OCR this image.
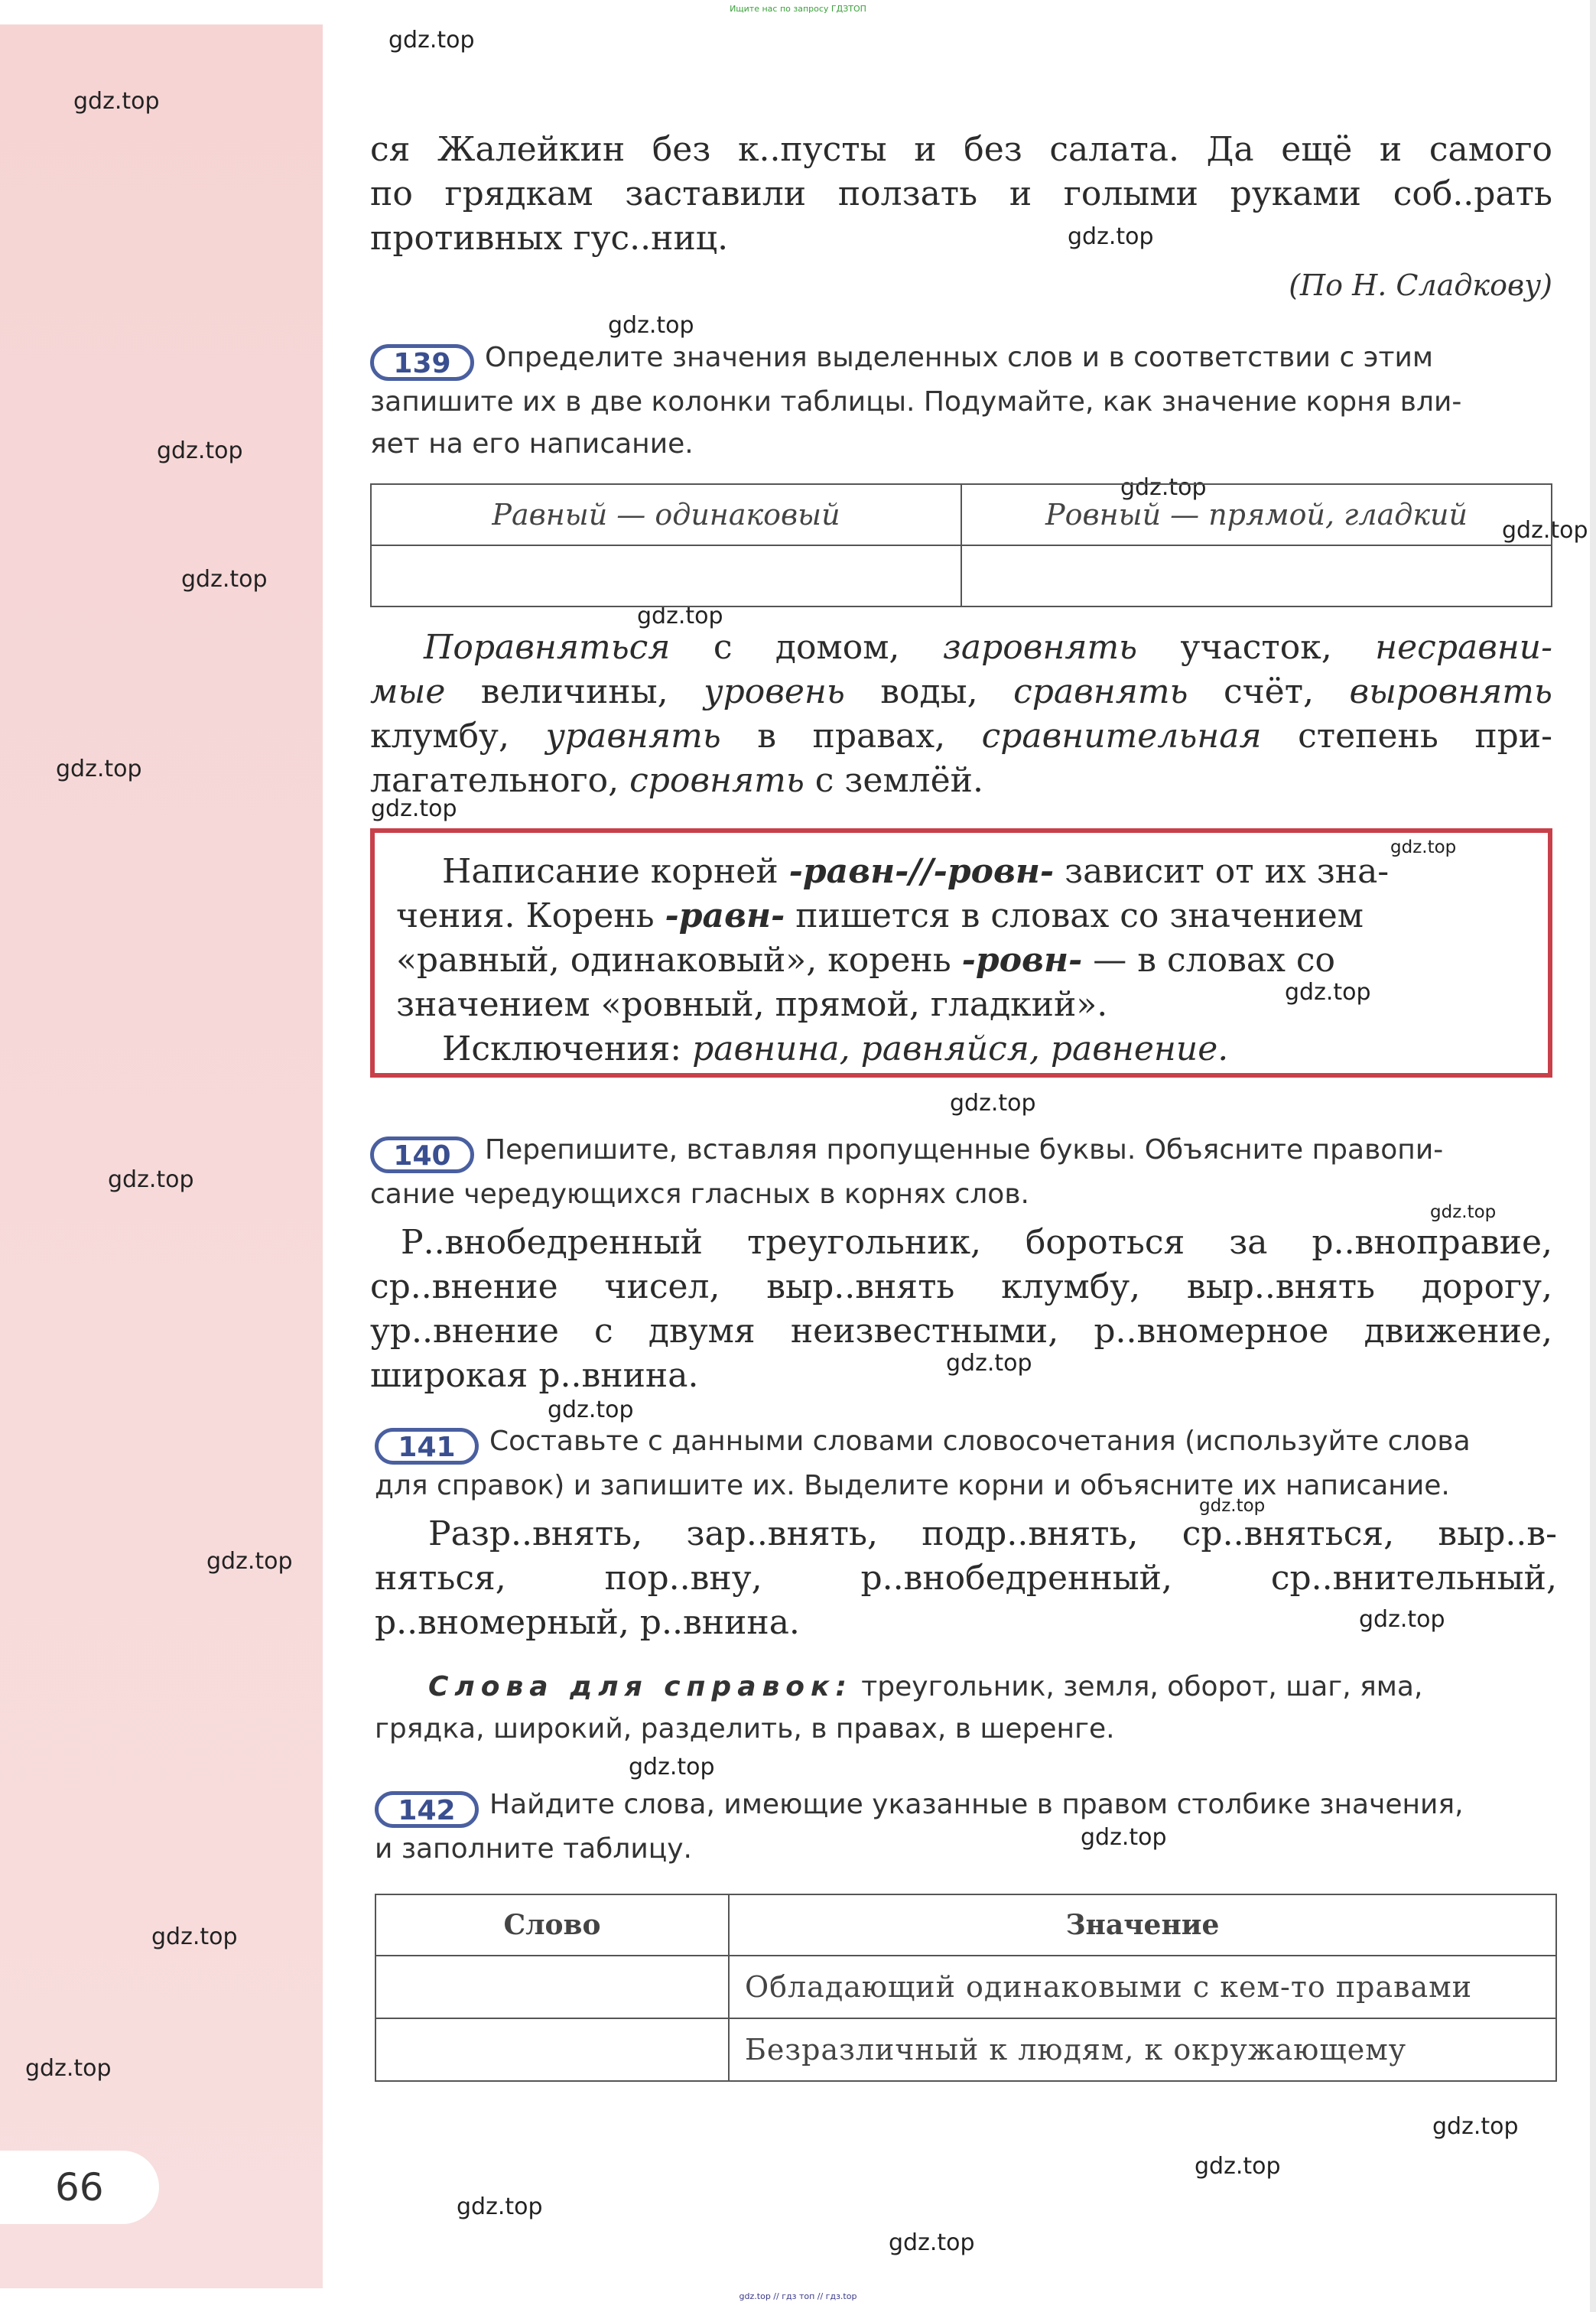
Ищите нас по запросу ГДЗТОП
gdz.top // гдз топ // гдз.top
66
gdz.top
gdz.top
gdz.top
gdz.top
gdz.top
gdz.top
gdz.top
gdz.top
gdz.top
gdz.top
gdz.top
gdz.top
gdz.top
gdz.top
gdz.top
gdz.top
gdz.top
gdz.top
gdz.top
gdz.top
gdz.top
gdz.top
gdz.top
gdz.top
gdz.top
gdz.top
gdz.top
gdz.top
gdz.top
ся Жалейкин без к..пусты и без салата. Да ещё и самого
по грядкам заставили ползать и голыми руками соб..рать
противных гус..ниц.
(По Н. Сладкову)
139 Определите значения выделенных слов и в соответствии с этим
запишите их в две колонки таблицы. Подумайте, как значение корня вли-
яет на его написание.
Равный — одинаковый	Ровный — прямой, гладкий

Поравняться с домом, заровнять участок, несравни-
мые величины, уровень воды, сравнять счёт, выровнять
клумбу, уравнять в правах, сравнительная степень при-
лагательного, сровнять с землёй.

Написание корней -равн-//-ровн- зависит от их зна-
чения. Корень -равн- пишется в словах со значением
«равный, одинаковый», корень -ровн- — в словах со
значением «ровный, прямой, гладкий».

Исключения: равнина, равняйся, равнение.

140 Перепишите, вставляя пропущенные буквы. Объясните правопи-
сание чередующихся гласных в корнях слов.
Р..внобедренный треугольник, бороться за р..вноправие,
ср..внение чисел, выр..внять клумбу, выр..внять дорогу,
ур..внение с двумя неизвестными, р..вномерное движение,
широкая р..внина.
141 Составьте с данными словами словосочетания (используйте слова
для справок) и запишите их. Выделите корни и объясните их написание.
Разр..внять, зар..внять, подр..внять, ср..вняться, выр..в-
няться, пор..вну, р..внобедренный, ср..внительный,
р..вномерный, р..внина.
Слова для справок: треугольник, земля, оборот, шаг, яма,
грядка, широкий, разделить, в правах, в шеренге.
142 Найдите слова, имеющие указанные в правом столбике значения,
и заполните таблицу.
Слово	Значение
	Обладающий одинаковыми с кем-то правами
	Безразличный к людям, к окружающему
